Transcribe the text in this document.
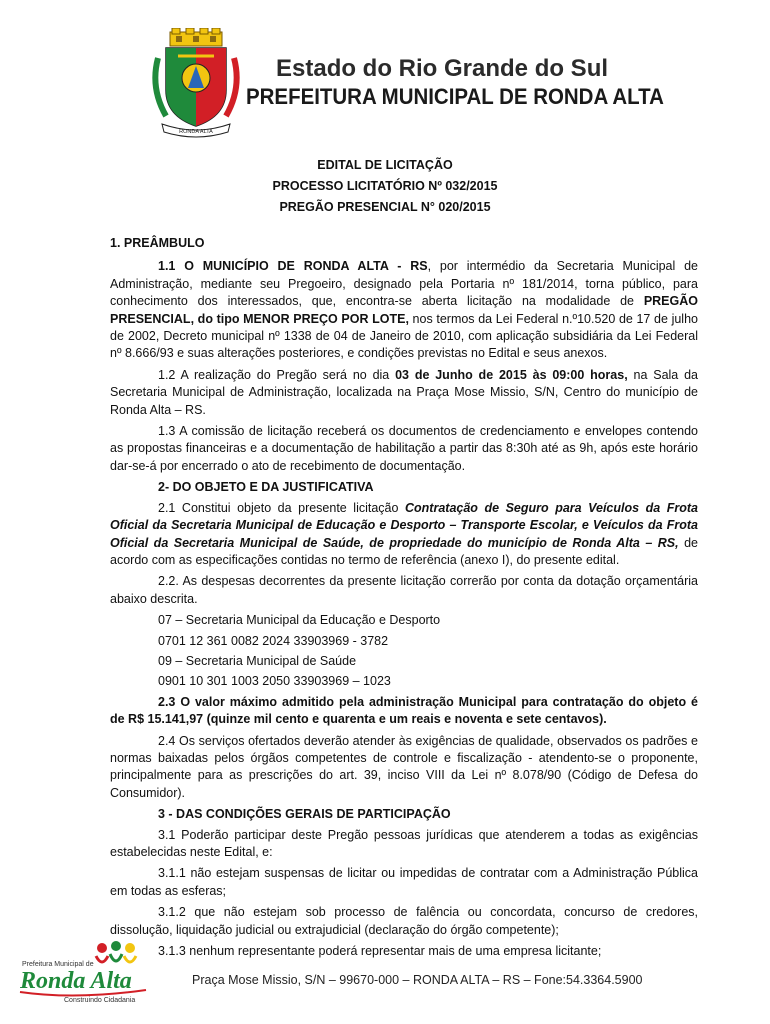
RONDA ALTA
Estado do Rio Grande do Sul
PREFEITURA MUNICIPAL DE RONDA ALTA
EDITAL DE LICITAÇÃO
PROCESSO LICITATÓRIO Nº 032/2015
PREGÃO PRESENCIAL N° 020/2015
1. PREÂMBULO

1.1 O MUNICÍPIO DE RONDA ALTA - RS, por intermédio da Secretaria Municipal de Administração, mediante seu Pregoeiro, designado pela Portaria nº 181/2014, torna público, para conhecimento dos interessados, que, encontra-se aberta licitação na modalidade de PREGÃO PRESENCIAL, do tipo MENOR PREÇO POR LOTE, nos termos da Lei Federal n.º10.520 de 17 de julho de 2002, Decreto municipal nº 1338 de 04 de Janeiro de 2010, com aplicação subsidiária da Lei Federal nº 8.666/93 e suas alterações posteriores, e condições previstas no Edital e seus anexos.

1.2 A realização do Pregão será no dia 03 de Junho de 2015 às 09:00 horas, na Sala da Secretaria Municipal de Administração, localizada na Praça Mose Missio, S/N, Centro do município de Ronda Alta – RS.

1.3 A comissão de licitação receberá os documentos de credenciamento e envelopes contendo as propostas financeiras e a documentação de habilitação a partir das 8:30h até as 9h, após este horário dar-se-á por encerrado o ato de recebimento de documentação.

2- DO OBJETO E DA JUSTIFICATIVA

2.1 Constitui objeto da presente licitação Contratação de Seguro para Veículos da Frota Oficial da Secretaria Municipal de Educação e Desporto – Transporte Escolar, e Veículos da Frota Oficial da Secretaria Municipal de Saúde, de propriedade do município de Ronda Alta – RS, de acordo com as especificações contidas no termo de referência (anexo I), do presente edital.

2.2. As despesas decorrentes da presente licitação correrão por conta da dotação orçamentária abaixo descrita.

07 – Secretaria Municipal da Educação e Desporto
0701 12 361 0082 2024 33903969 - 3782
09 – Secretaria Municipal de Saúde
0901 10 301 1003 2050 33903969 – 1023

2.3 O valor máximo admitido pela administração Municipal para contratação do objeto é de R$ 15.141,97 (quinze mil cento e quarenta e um reais e noventa e sete centavos).

2.4 Os serviços ofertados deverão atender às exigências de qualidade, observados os padrões e normas baixadas pelos órgãos competentes de controle e fiscalização - atendento-se o proponente, principalmente para as prescrições do art. 39, inciso VIII da Lei nº 8.078/90 (Código de Defesa do Consumidor).

3 - DAS CONDIÇÕES GERAIS DE PARTICIPAÇÃO

3.1 Poderão participar deste Pregão pessoas jurídicas que atenderem a todas as exigências estabelecidas neste Edital, e:

3.1.1 não estejam suspensas de licitar ou impedidas de contratar com a Administração Pública em todas as esferas;

3.1.2 que não estejam sob processo de falência ou concordata, concurso de credores, dissolução, liquidação judicial ou extrajudicial (declaração do órgão competente);

3.1.3 nenhum representante poderá representar mais de uma empresa licitante;

Prefeitura Municipal de
Ronda Alta
Construindo Cidadania
Praça Mose Missio, S/N – 99670-000 – RONDA ALTA – RS – Fone:54.3364.5900
